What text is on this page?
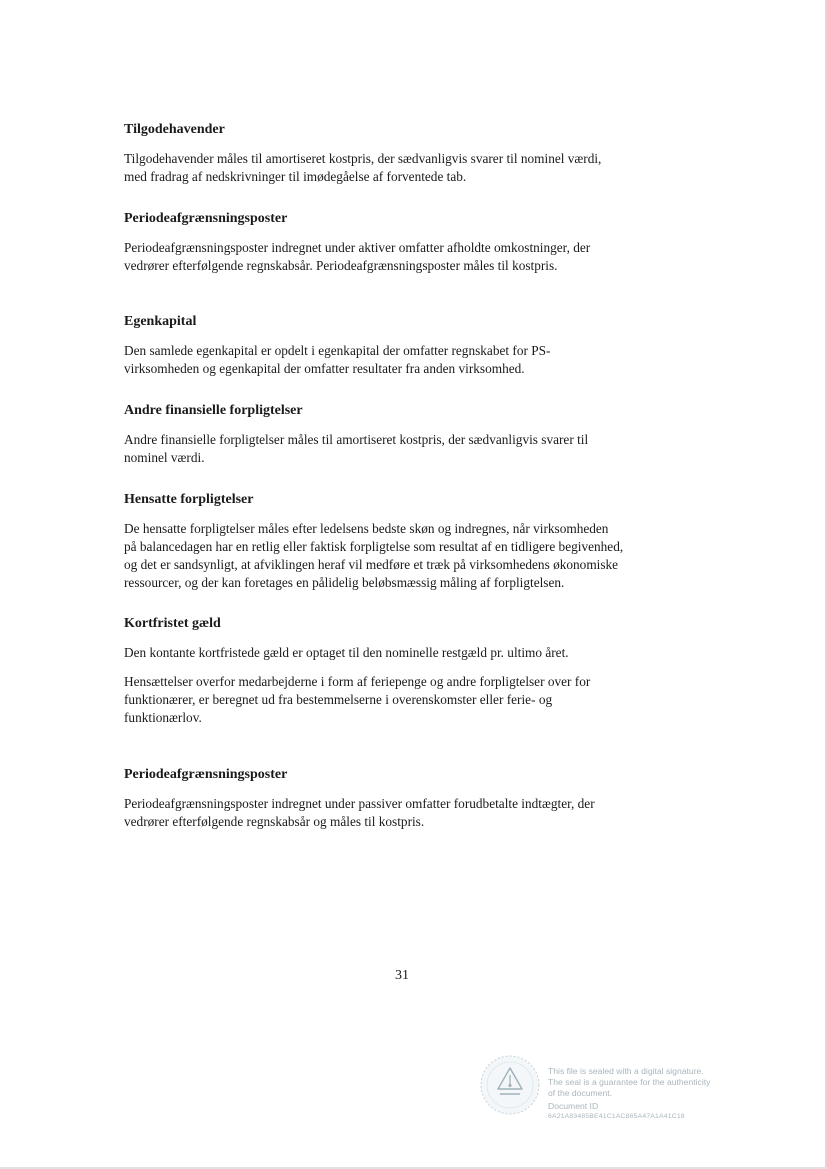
Tilgodehavender

Tilgodehavender måles til amortiseret kostpris, der sædvanligvis svarer til nominel værdi,
med fradrag af nedskrivninger til imødegåelse af forventede tab.

Periodeafgrænsningsposter

Periodeafgrænsningsposter indregnet under aktiver omfatter afholdte omkostninger, der
vedrører efterfølgende regnskabsår. Periodeafgrænsningsposter måles til kostpris.

Egenkapital

Den samlede egenkapital er opdelt i egenkapital der omfatter regnskabet for PS-
virksomheden og egenkapital der omfatter resultater fra anden virksomhed.

Andre finansielle forpligtelser

Andre finansielle forpligtelser måles til amortiseret kostpris, der sædvanligvis svarer til
nominel værdi.

Hensatte forpligtelser

De hensatte forpligtelser måles efter ledelsens bedste skøn og indregnes, når virksomheden
på balancedagen har en retlig eller faktisk forpligtelse som resultat af en tidligere begivenhed,
og det er sandsynligt, at afviklingen heraf vil medføre et træk på virksomhedens økonomiske
ressourcer, og der kan foretages en pålidelig beløbsmæssig måling af forpligtelsen.

Kortfristet gæld

Den kontante kortfristede gæld er optaget til den nominelle restgæld pr. ultimo året.

Hensættelser overfor medarbejderne i form af feriepenge og andre forpligtelser over for
funktionærer, er beregnet ud fra bestemmelserne i overenskomster eller ferie- og
funktionærlov.

Periodeafgrænsningsposter

Periodeafgrænsningsposter indregnet under passiver omfatter forudbetalte indtægter, der
vedrører efterfølgende regnskabsår og måles til kostpris.

31
This file is sealed with a digital signature.
The seal is a guarantee for the authenticity
of the document.
Document ID
6A21A83485BE41C1AC865A47A1A41C18
